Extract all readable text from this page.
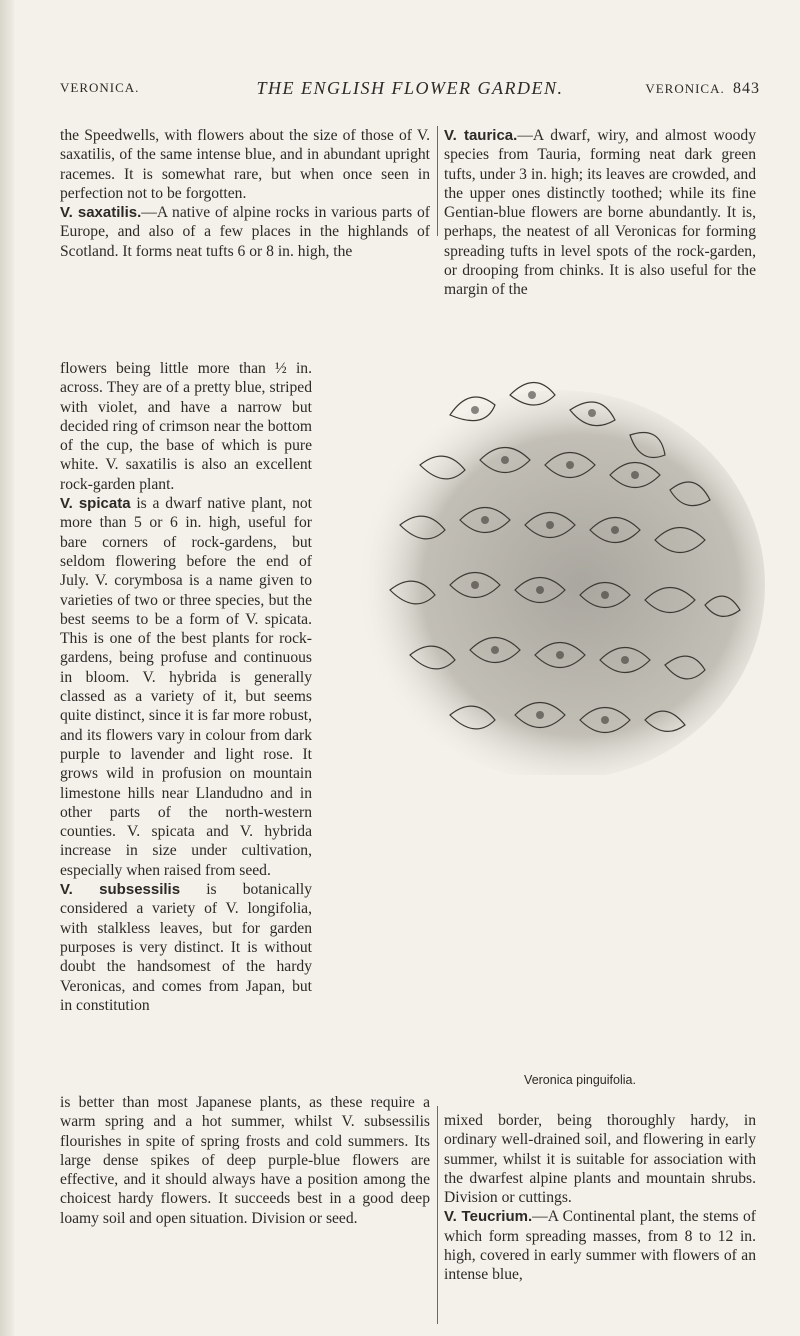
VERONICA.	THE ENGLISH FLOWER GARDEN.	VERONICA. 843

the Speedwells, with flowers about the size of those of V. saxatilis, of the same intense blue, and in abundant upright racemes. It is somewhat rare, but when once seen in perfection not to be forgotten.

V. saxatilis.—A native of alpine rocks in various parts of Europe, and also of a few places in the highlands of Scotland. It forms neat tufts 6 or 8 in. high, the

flowers being little more than ½ in. across. They are of a pretty blue, striped with violet, and have a narrow but decided ring of crimson near the bottom of the cup, the base of which is pure white. V. saxatilis is also an excellent rock-garden plant.

V. spicata is a dwarf native plant, not more than 5 or 6 in. high, useful for bare corners of rock-gardens, but seldom flowering before the end of July. V. corymbosa is a name given to varieties of two or three species, but the best seems to be a form of V. spicata. This is one of the best plants for rock-gardens, being profuse and continuous in bloom. V. hybrida is generally classed as a variety of it, but seems quite distinct, since it is far more robust, and its flowers vary in colour from dark purple to lavender and light rose. It grows wild in profusion on mountain limestone hills near Llandudno and in other parts of the north-western counties. V. spicata and V. hybrida increase in size under cultivation, especially when raised from seed.

V. subsessilis is botanically considered a variety of V. longifolia, with stalkless leaves, but for garden purposes is very distinct. It is without doubt the handsomest of the hardy Veronicas, and comes from Japan, but in constitution

is better than most Japanese plants, as these require a warm spring and a hot summer, whilst V. subsessilis flourishes in spite of spring frosts and cold summers. Its large dense spikes of deep purple-blue flowers are effective, and it should always have a position among the choicest hardy flowers. It succeeds best in a good deep loamy soil and open situation. Division or seed.

V. taurica.—A dwarf, wiry, and almost woody species from Tauria, forming neat dark green tufts, under 3 in. high; its leaves are crowded, and the upper ones distinctly toothed; while its fine Gentian-blue flowers are borne abundantly. It is, perhaps, the neatest of all Veronicas for forming spreading tufts in level spots of the rock-garden, or drooping from chinks. It is also useful for the margin of the

Veronica pinguifolia.

mixed border, being thoroughly hardy, in ordinary well-drained soil, and flowering in early summer, whilst it is suitable for association with the dwarfest alpine plants and mountain shrubs. Division or cuttings.

V. Teucrium.—A Continental plant, the stems of which form spreading masses, from 8 to 12 in. high, covered in early summer with flowers of an intense blue,
